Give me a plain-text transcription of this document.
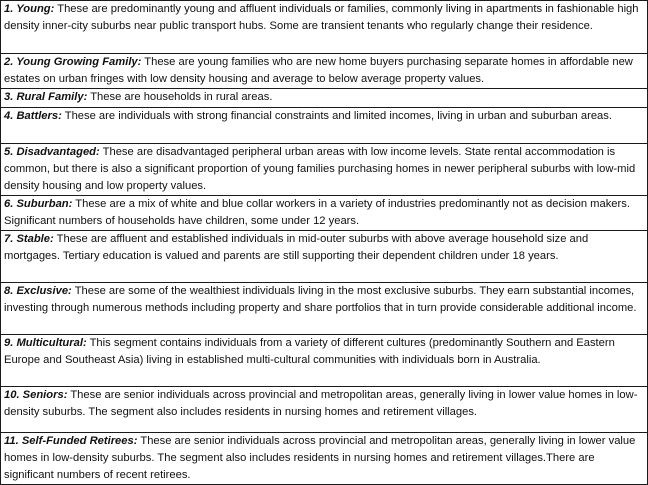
1. Young: These are predominantly young and affluent individuals or families, commonly living in apartments in fashionable high density inner-city suburbs near public transport hubs. Some are transient tenants who regularly change their residence.
2. Young Growing Family: These are young families who are new home buyers purchasing separate homes in affordable new estates on urban fringes with low density housing and average to below average property values.
3. Rural Family: These are households in rural areas.
4. Battlers: These are individuals with strong financial constraints and limited incomes, living in urban and suburban areas.
5. Disadvantaged: These are disadvantaged peripheral urban areas with low income levels. State rental accommodation is common, but there is also a significant proportion of young families purchasing homes in newer peripheral suburbs with low-mid density housing and low property values.
6. Suburban: These are a mix of white and blue collar workers in a variety of industries predominantly not as decision makers. Significant numbers of households have children, some under 12 years.
7. Stable: These are affluent and established individuals in mid-outer suburbs with above average household size and mortgages. Tertiary education is valued and parents are still supporting their dependent children under 18 years.
8. Exclusive: These are some of the wealthiest individuals living in the most exclusive suburbs. They earn substantial incomes, investing through numerous methods including property and share portfolios that in turn provide considerable additional income.
9. Multicultural: This segment contains individuals from a variety of different cultures (predominantly Southern and Eastern Europe and Southeast Asia) living in established multi-cultural communities with individuals born in Australia.
10. Seniors: These are senior individuals across provincial and metropolitan areas, generally living in lower value homes in low-density suburbs. The segment also includes residents in nursing homes and retirement villages.
11. Self-Funded Retirees: These are senior individuals across provincial and metropolitan areas, generally living in lower value homes in low-density suburbs. The segment also includes residents in nursing homes and retirement villages.There are significant numbers of recent retirees.
